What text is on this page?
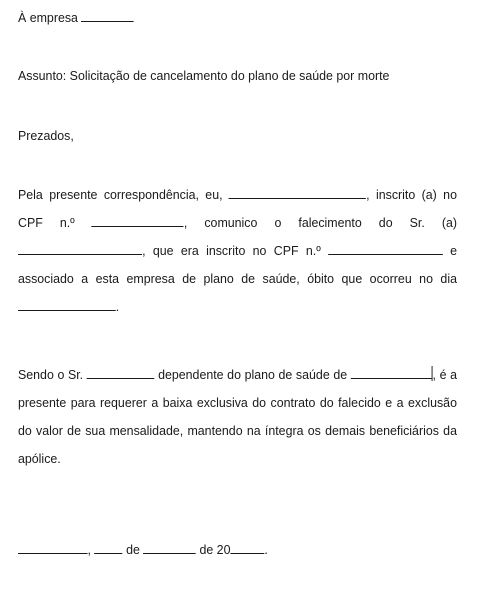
À empresa

Assunto: Solicitação de cancelamento do plano de saúde por morte

Prezados,

Pela presente correspondência, eu,	, inscrito (a) no CPF n.º	, comunico o falecimento do Sr. (a) , que era inscrito no CPF n.º	e associado a esta empresa de plano de saúde, óbito que ocorreu no dia .

Sendo o Sr.	dependente do plano de saúde de	, é a presente para requerer a baixa exclusiva do contrato do falecido e a exclusão do valor de sua mensalidade, mantendo na íntegra os demais beneficiários da apólice.

,	de	de 20	.
